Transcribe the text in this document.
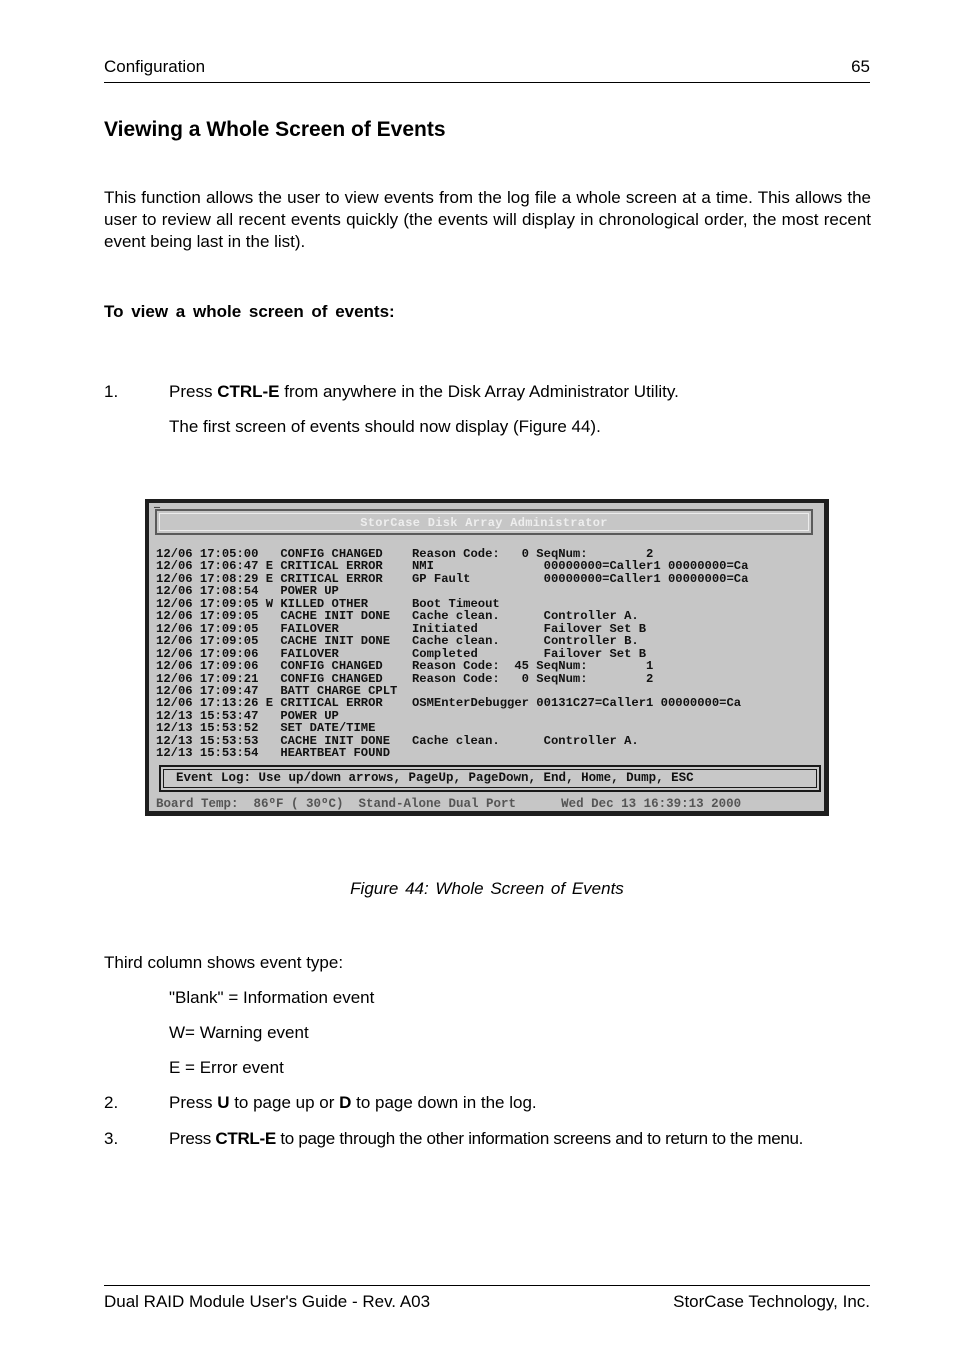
Configuration	65
Viewing a Whole Screen of Events

This function allows the user to view events from the log file a whole screen at a time. This allows the user to review all recent events quickly (the events will display in chronological order, the most recent event being last in the list).

To view a whole screen of events:

1.	Press CTRL-E from anywhere in the Disk Array Administrator Utility.
The first screen of events should now display (Figure 44).
—
StorCase Disk Array Administrator
12/06 17:05:00   CONFIG CHANGED    Reason Code:   0 SeqNum:        2
12/06 17:06:47 E CRITICAL ERROR    NMI               00000000=Caller1 00000000=Ca
12/06 17:08:29 E CRITICAL ERROR    GP Fault          00000000=Caller1 00000000=Ca
12/06 17:08:54   POWER UP
12/06 17:09:05 W KILLED OTHER      Boot Timeout
12/06 17:09:05   CACHE INIT DONE   Cache clean.      Controller A.
12/06 17:09:05   FAILOVER          Initiated         Failover Set B
12/06 17:09:05   CACHE INIT DONE   Cache clean.      Controller B.
12/06 17:09:06   FAILOVER          Completed         Failover Set B
12/06 17:09:06   CONFIG CHANGED    Reason Code:  45 SeqNum:        1
12/06 17:09:21   CONFIG CHANGED    Reason Code:   0 SeqNum:        2
12/06 17:09:47   BATT CHARGE CPLT
12/06 17:13:26 E CRITICAL ERROR    OSMEnterDebugger 00131C27=Caller1 00000000=Ca
12/13 15:53:47   POWER UP
12/13 15:53:52   SET DATE/TIME
12/13 15:53:53   CACHE INIT DONE   Cache clean.      Controller A.
12/13 15:53:54   HEARTBEAT FOUND
Event Log: Use up/down arrows, PageUp, PageDown, End, Home, Dump, ESC
Board Temp:  86ºF ( 30ºC)  Stand-Alone Dual Port      Wed Dec 13 16:39:13 2000
Figure 44: Whole Screen of Events
Third column shows event type:
"Blank" = Information event
W= Warning event
E = Error event
2.	Press U to page up or D to page down in the log.
3.	Press CTRL-E to page through the other information screens and to return to the menu.
Dual RAID Module User's Guide - Rev. A03	StorCase Technology, Inc.
